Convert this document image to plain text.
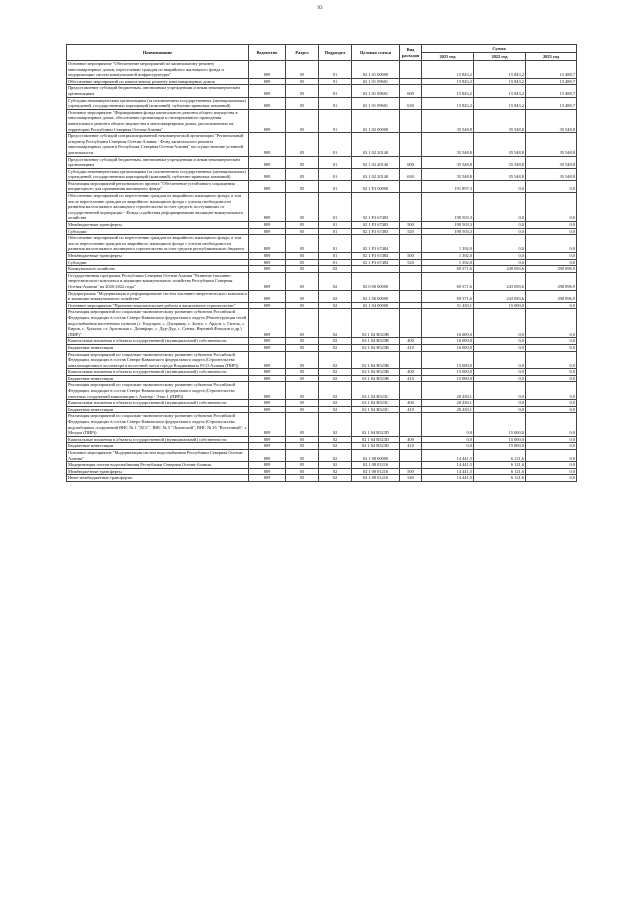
93
Наименование	Ведомство	Раздел	Подраздел	Целевая статья	Вид расходов	Сумма		
						2021 год	2022 год	2023 год
Основное мероприятие "Обеспечение мероприятий по капитальному ремонту многоквартирных домов, переселению граждан из аварийного жилищного фонда и модернизации систем коммунальной инфраструктуры"	809	05	01	02 1 01 00000		15 843,2	15 843,2	15 488,7
Обеспечение мероприятий по капитальному ремонту многоквартирных домов	809	05	01	02 1 01 09601		15 843,2	15 843,2	15 488,7
Предоставление субсидий бюджетным, автономным учреждениям и иным некоммерческим организациям	809	05	01	02 1 01 09601	600	15 843,2	15 843,2	15 488,7
Субсидии некоммерческим организациям (за исключением государственных (муниципальных) учреждений, государственных корпораций (компаний), публично-правовых компаний)	809	05	01	02 1 01 09601	630	15 843,2	15 843,2	15 488,7
Основное мероприятие "Формирование фонда капитального ремонта общего имущества в многоквартирных домах, обеспечение организации и своевременного проведения капитального ремонта общего имущества в многоквартирных домах, расположенных на территории Республики Северная Осетия-Алания"	809	05	01	02 1 02 00000		35 548,8	35 548,8	35 548,8
Предоставление субсидий специализированной некоммерческой организации "Региональный оператор Республики Северная Осетия-Алания - Фонд капитального ремонта многоквартирных домов в Республике Северная Осетия-Алания" на осуществление уставной деятельности	809	05	01	02 1 02 20140		35 548,8	35 548,8	35 548,8
Предоставление субсидий бюджетным, автономным учреждениям и иным некоммерческим организациям	809	05	01	02 1 02 20140	600	35 548,8	35 548,8	35 548,8
Субсидии некоммерческим организациям (за исключением государственных (муниципальных) учреждений, государственных корпораций (компаний), публично-правовых компаний)	809	05	01	02 1 02 20140	630	35 548,8	35 548,8	35 548,8
Реализация мероприятий регионального проекта "Обеспечение устойчивого сокращения непригодного для проживания жилищного фонда"	809	05	01	02 1 F3 00000		191 897,3	0,0	0,0
Обеспечение мероприятий по переселению граждан из аварийного жилищного фонда, в том числе переселению граждан из аварийного жилищного фонда с учетом необходимости развития малоэтажного жилищного строительства за счет средств, поступивших от государственной корпорации - Фонда содействия реформированию жилищно-коммунального хозяйства	809	05	01	02 1 F3 67483		190 503,3	0,0	0,0
Межбюджетные трансферты	809	05	01	02 1 F3 67483	500	190 503,3	0,0	0,0
Субсидии	809	05	01	02 1 F3 67483	520	190 503,3	0,0	0,0
Обеспечение мероприятий по переселению граждан из аварийного жилищного фонда, в том числе переселению граждан из аварийного жилищного фонда с учетом необходимости развития малоэтажного жилищного строительства за счет средств республиканского бюджета	809	05	01	02 1 F3 67484		1 392,0	0,0	0,0
Межбюджетные трансферты	809	05	01	02 1 F3 67484	500	1 392,0	0,0	0,0
Субсидии	809	05	01	02 1 F3 67484	520	1 392,0	0,0	0,0
Коммунальное хозяйство	809	05	02			69 371,6	249 083,6	298 896,9
Государственная программа Республики Северная Осетия-Алания "Развитие топливно-энергетического комплекса и жилищно-коммунального хозяйства Республики Северная Осетия-Алания" на 2020-2022 годы"	809	05	02	02 0 00 00000		69 371,6	243 083,6	298 896,9
Подпрограмма "Модернизация и реформирование систем топливно-энергетического комплекса и жилищно-коммунального хозяйства"	809	05	02	02 1 00 00000		69 371,6	243 083,6	298 896,9
Основное мероприятие "Проектно-изыскательские работы и капитальное строительство"	809	05	02	02 1 04 00000		51 430,1	15 000,0	0,0
Реализация мероприятий по социально-экономическому развитию субъектов Российской Федерации, входящих в состав Северо-Кавказского федерального округа (Реконструкция сетей водоснабжения населенных пунктов (с. Кадгарон, с. Дзуарикау, с. Зилга, с. Ардон, с. Гизель, с. Киров, с. Хумалаг, ст. Архонская с. Донифарс, с. Дур-Дур, с. Сунжа, Верхний Фиагдон и др.) (ПИР)"	809	05	02	02 1 04 R523B		16 000,0	0,0	0,0
Капитальные вложения в объекты государственной (муниципальной) собственности	809	05	02	02 1 04 R523B	400	16 000,0	0,0	0,0
Бюджетные инвестиции	809	05	02	02 1 04 R523B	410	16 000,0	0,0	0,0
Реализация мероприятий по социально-экономическому развитию субъектов Российской Федерации, входящих в состав Северо-Кавказского федерального округа (Строительство канализационного коллектора в восточной части города Владикавказа РСО-Алания (ПИР))	809	05	02	02 1 04 R523B		15 000,0	0,0	0,0
Капитальные вложения в объекты государственной (муниципальной) собственности	809	05	02	02 1 04 R523B	400	15 000,0	0,0	0,0
Бюджетные инвестиции	809	05	02	02 1 04 R523B	410	15 000,0	0,0	0,0
Реализация мероприятий по социально-экономическому развитию субъектов Российской Федерации, входящих в состав Северо-Кавказского федерального округа (Строительство очистных сооружений канализации г. Алагир - Этап 1 (ПИР))	809	05	02	02 1 04 R523C		20 430,1	0,0	0,0
Капитальные вложения в объекты государственной (муниципальной) собственности	809	05	02	02 1 04 R523C	400	20 430,1	0,0	0,0
Бюджетные инвестиции	809	05	02	02 1 04 R523C	410	20 430,1	0,0	0,0
Реализация мероприятий по социально-экономическому развитию субъектов Российской Федерации, входящих в состав Северо-Кавказского федерального округа (Строительство водозаборных сооружений ВНС № 1 "ДСС", ВНС № 5 "Луковский", ВНС № 16 "Восточный", г. Моздок (ПИР))	809	05	02	02 1 04 R523D		0,0	15 000,0	0,0
Капитальные вложения в объекты государственной (муниципальной) собственности	809	05	02	02 1 04 R523D	400	0,0	15 000,0	0,0
Бюджетные инвестиции	809	05	02	02 1 04 R523D	410	0,0	15 000,0	0,0
Основное мероприятие "Модернизация систем водоснабжения Республики Северная Осетия-Алания"	809	05	02	02 1 08 00000		14 441,5	6 121,6	0,0
Модернизация систем водоснабжения Республики Северная Осетия-Алания	809	05	02	02 1 08 01216		14 441,5	6 121,6	0,0
Межбюджетные трансферты	809	05	02	02 1 08 01216	500	14 441,5	6 121,6	0,0
Иные межбюджетные трансферты	809	05	02	02 1 08 01216	540	14 441,5	6 121,6	0,0
